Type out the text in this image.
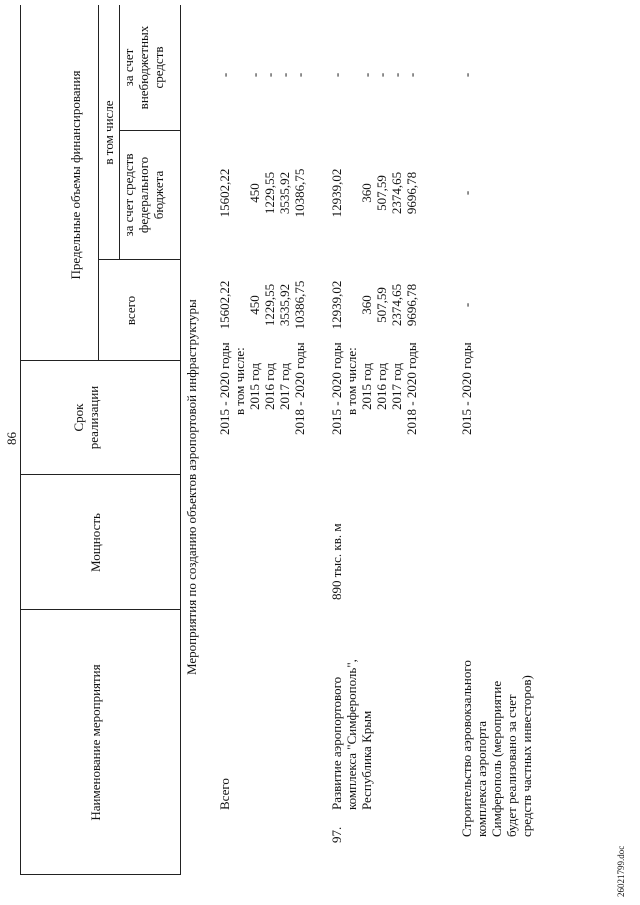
86
Наименование мероприятия
Мощность
Срок реализации
Предельные объемы финансирования
всего
в том числе
за счет средств федерального бюджета
за счет внебюджетных средств
Мероприятия по созданию объектов аэропортовой инфраструктуры
Всего
2015 - 2020 годы в том числе: 2015 год 2016 год 2017 год 2018 - 2020 годы
15602,22 450 1229,55 3535,92 10386,75
15602,22 450 1229,55 3535,92 10386,75
- - - - -
97.
Развитие аэропортового комплекса "Симферополь", Республика Крым
890 тыс. кв. м
2015 - 2020 годы в том числе: 2015 год 2016 год 2017 год 2018 - 2020 годы
12939,02 360 507,59 2374,65 9696,78
12939,02 360 507,59 2374,65 9696,78
- - - - -
Строительство аэровокзального комплекса аэропорта Симферополь (мероприятие будет реализовано за счет средств частных инвесторов)
2015 - 2020 годы
-
-
-
26021799.doc
